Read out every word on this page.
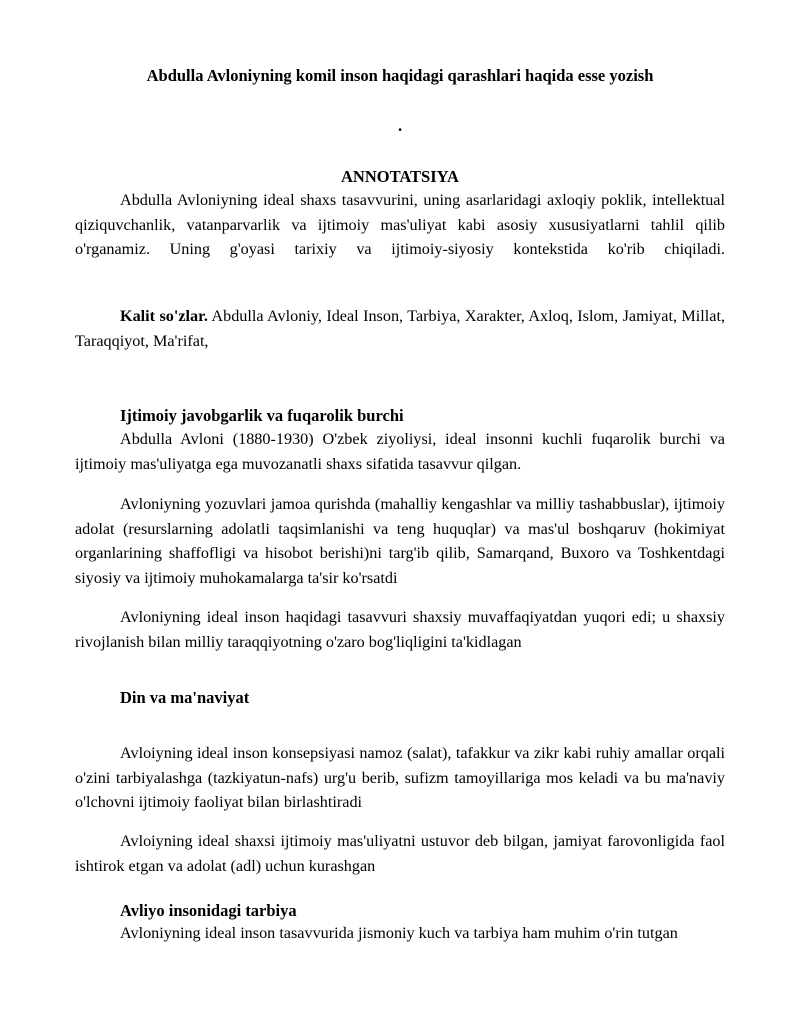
Abdulla Avloniyning komil inson haqidagi qarashlari haqida esse yozish
.
ANNOTATSIYA

Abdulla Avloniyning ideal shaxs tasavvurini, uning asarlaridagi axloqiy poklik, intellektual qiziquvchanlik, vatanparvarlik va ijtimoiy mas'uliyat kabi asosiy xususiyatlarni tahlil qilib o'rganamiz. Uning g'oyasi tarixiy va ijtimoiy-siyosiy kontekstida ko'rib chiqiladi.

Kalit so'zlar. Abdulla Avloniy, Ideal Inson, Tarbiya, Xarakter, Axloq, Islom, Jamiyat, Millat, Taraqqiyot, Ma'rifat,

Ijtimoiy javobgarlik va fuqarolik burchi

Abdulla Avloni (1880-1930) O'zbek ziyoliysi, ideal insonni kuchli fuqarolik burchi va ijtimoiy mas'uliyatga ega muvozanatli shaxs sifatida tasavvur qilgan.

Avloniyning yozuvlari jamoa qurishda (mahalliy kengashlar va milliy tashabbuslar), ijtimoiy adolat (resurslarning adolatli taqsimlanishi va teng huquqlar) va mas'ul boshqaruv (hokimiyat organlarining shaffofligi va hisobot berishi)ni targ'ib qilib, Samarqand, Buxoro va Toshkentdagi siyosiy va ijtimoiy muhokamalarga ta'sir ko'rsatdi

Avloniyning ideal inson haqidagi tasavvuri shaxsiy muvaffaqiyatdan yuqori edi; u shaxsiy rivojlanish bilan milliy taraqqiyotning o'zaro bog'liqligini ta'kidlagan

Din va ma'naviyat

Avloiyning ideal inson konsepsiyasi namoz (salat), tafakkur va zikr kabi ruhiy amallar orqali o'zini tarbiyalashga (tazkiyatun-nafs) urg'u berib, sufizm tamoyillariga mos keladi va bu ma'naviy o'lchovni ijtimoiy faoliyat bilan birlashtiradi

Avloiyning ideal shaxsi ijtimoiy mas'uliyatni ustuvor deb bilgan, jamiyat farovonligida faol ishtirok etgan va adolat (adl) uchun kurashgan

Avliyo insonidagi tarbiya

Avloniyning ideal inson tasavvurida jismoniy kuch va tarbiya ham muhim o'rin tutgan
